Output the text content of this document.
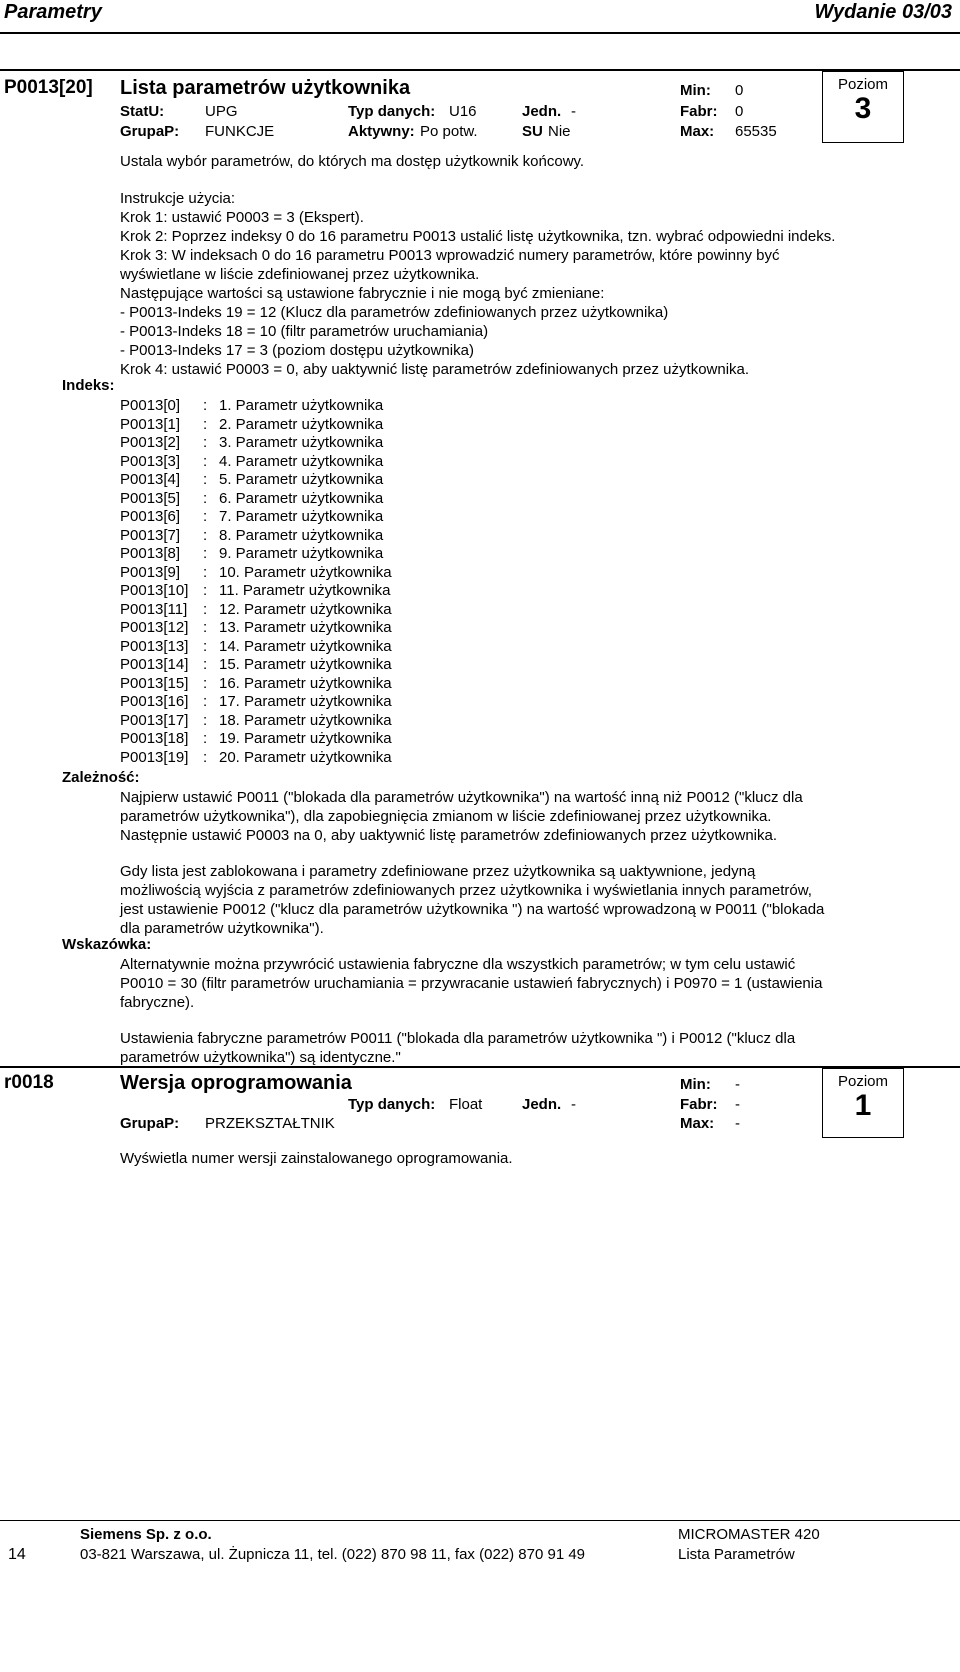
Parametry	Wydanie 03/03
P0013[20] Lista parametrów użytkownika
StatU:	UPG	Typ danych: U16	Jedn. -	Fabr: 0
Min: 0
GrupaP: FUNKCJE	Aktywny: Po potw.	SU Nie	Max: 65535
Poziom
3
Ustala wybór parametrów, do których ma dostęp użytkownik końcowy.
Instrukcje użycia:
Krok 1: ustawić P0003 = 3 (Ekspert).
Krok 2: Poprzez indeksy 0 do 16 parametru P0013 ustalić listę użytkownika, tzn. wybrać odpowiedni indeks.
Krok 3: W indeksach 0 do 16 parametru P0013 wprowadzić numery parametrów, które powinny być
wyświetlane w liście zdefiniowanej przez użytkownika.
Następujące wartości są ustawione fabrycznie i nie mogą być zmieniane:
- P0013-Indeks 19 = 12 (Klucz dla parametrów zdefiniowanych przez użytkownika)
- P0013-Indeks 18 = 10 (filtr parametrów uruchamiania)
- P0013-Indeks 17 = 3 (poziom dostępu użytkownika)
Krok 4: ustawić P0003 = 0, aby uaktywnić listę parametrów zdefiniowanych przez użytkownika.
Indeks:
P0013[0] : 1. Parametr użytkownika
P0013[1] : 2. Parametr użytkownika
P0013[2] : 3. Parametr użytkownika
P0013[3] : 4. Parametr użytkownika
P0013[4] : 5. Parametr użytkownika
P0013[5] : 6. Parametr użytkownika
P0013[6] : 7. Parametr użytkownika
P0013[7] : 8. Parametr użytkownika
P0013[8] : 9. Parametr użytkownika
P0013[9] : 10. Parametr użytkownika
P0013[10] : 11. Parametr użytkownika
P0013[11] : 12. Parametr użytkownika
P0013[12] : 13. Parametr użytkownika
P0013[13] : 14. Parametr użytkownika
P0013[14] : 15. Parametr użytkownika
P0013[15] : 16. Parametr użytkownika
P0013[16] : 17. Parametr użytkownika
P0013[17] : 18. Parametr użytkownika
P0013[18] : 19. Parametr użytkownika
P0013[19] : 20. Parametr użytkownika
Zależność:
Najpierw ustawić P0011 ("blokada dla parametrów użytkownika") na wartość inną niż P0012 ("klucz dla
parametrów użytkownika"), dla zapobiegnięcia zmianom w liście zdefiniowanej przez użytkownika.
Następnie ustawić P0003 na 0, aby uaktywnić listę parametrów zdefiniowanych przez użytkownika.
Gdy lista jest zablokowana i parametry zdefiniowane przez użytkownika są uaktywnione, jedyną
możliwością wyjścia z parametrów zdefiniowanych przez użytkownika i wyświetlania innych parametrów,
jest ustawienie P0012 ("klucz dla parametrów użytkownika ") na wartość wprowadzoną w P0011 ("blokada
dla parametrów użytkownika").
Wskazówka:
Alternatywnie można przywrócić ustawienia fabryczne dla wszystkich parametrów; w tym celu ustawić
P0010 = 30 (filtr parametrów uruchamiania = przywracanie ustawień fabrycznych) i P0970 = 1 (ustawienia
fabryczne).
Ustawienia fabryczne parametrów P0011 ("blokada dla parametrów użytkownika ") i P0012 ("klucz dla
parametrów użytkownika") są identyczne."
r0018	Wersja oprogramowania	Min: -
Typ danych: Float	Jedn. -	Fabr: -
GrupaP: PRZEKSZTAŁTNIK	Max: -
Poziom
1
Wyświetla numer wersji zainstalowanego oprogramowania.
Siemens Sp. z o.o.
03-821 Warszawa, ul. Żupnicza 11, tel. (022) 870 98 11, fax (022) 870 91 49
14
MICROMASTER 420
Lista Parametrów
